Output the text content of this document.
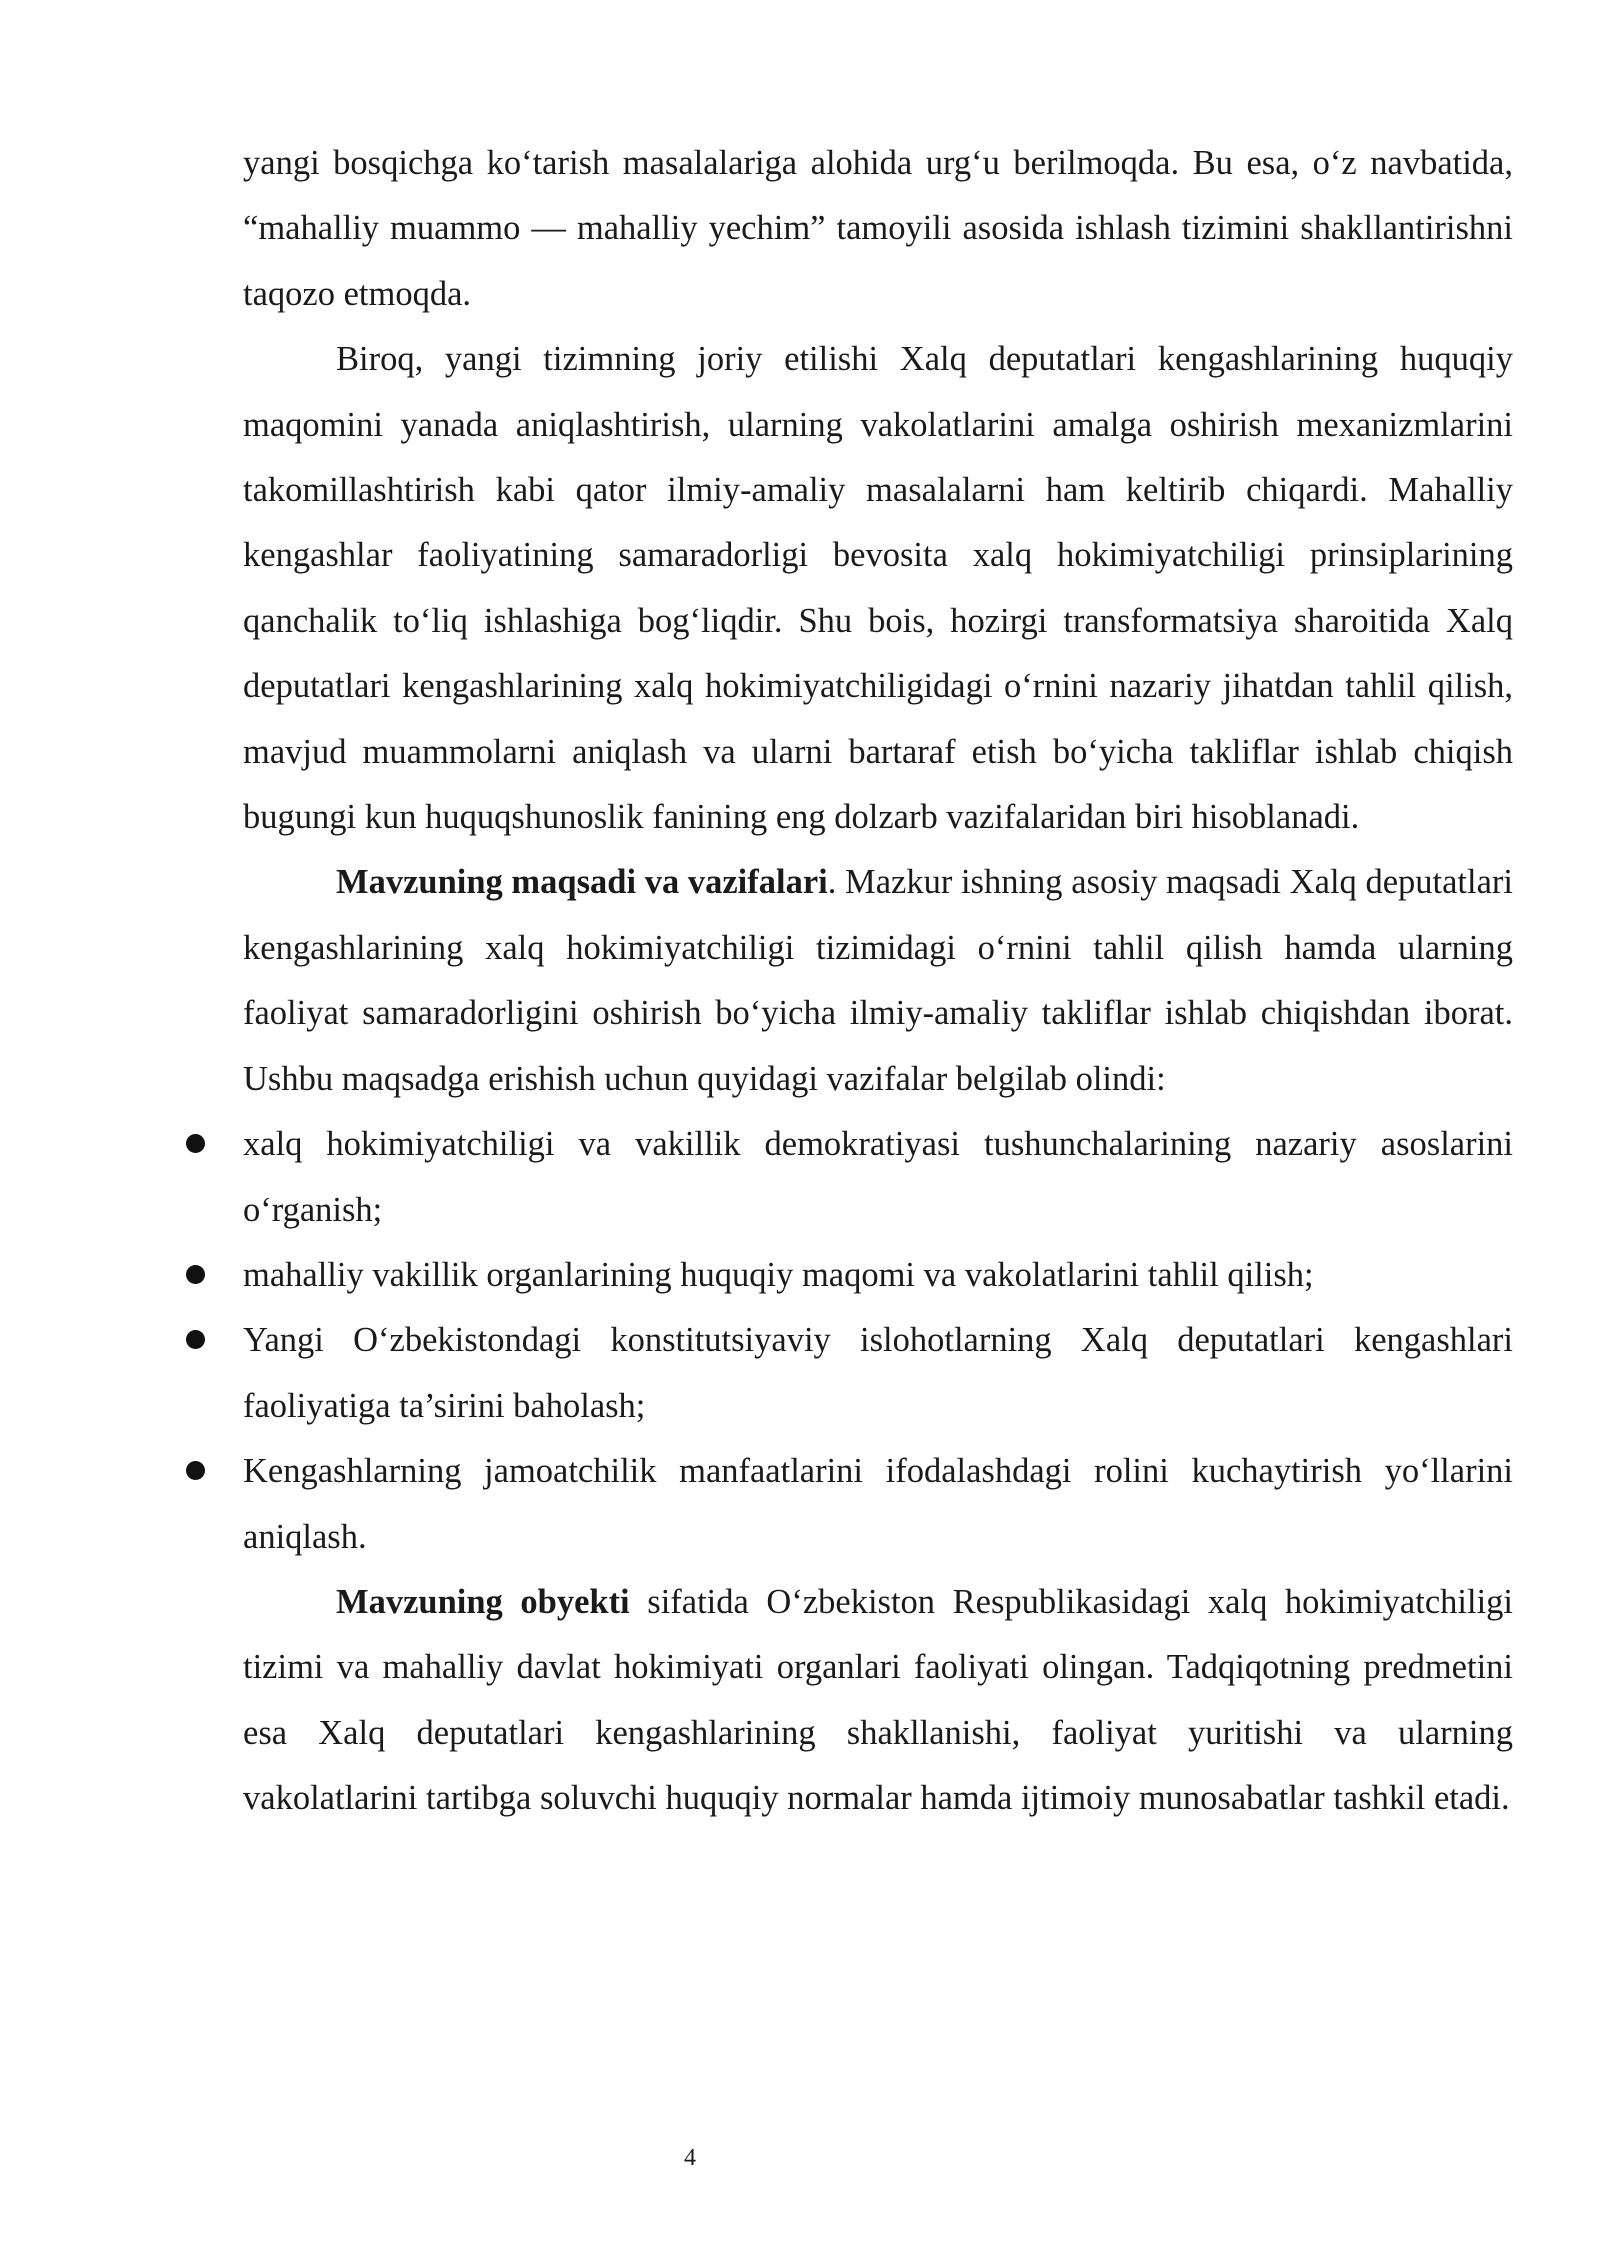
yangi bosqichga ko‘tarish masalalariga alohida urg‘u berilmoqda. Bu esa, o‘z navbatida, “mahalliy muammo — mahalliy yechim” tamoyili asosida ishlash tizimini shakllantirishni taqozo etmoqda.

Biroq, yangi tizimning joriy etilishi Xalq deputatlari kengashlarining huquqiy maqomini yanada aniqlashtirish, ularning vakolatlarini amalga oshirish mexanizmlarini takomillashtirish kabi qator ilmiy-amaliy masalalarni ham keltirib chiqardi. Mahalliy kengashlar faoliyatining samaradorligi bevosita xalq hokimiyatchiligi prinsiplarining qanchalik to‘liq ishlashiga bog‘liqdir. Shu bois, hozirgi transformatsiya sharoitida Xalq deputatlari kengashlarining xalq hokimiyatchiligidagi o‘rnini nazariy jihatdan tahlil qilish, mavjud muammolarni aniqlash va ularni bartaraf etish bo‘yicha takliflar ishlab chiqish bugungi kun huquqshunoslik fanining eng dolzarb vazifalaridan biri hisoblanadi.

Mavzuning maqsadi va vazifalari. Mazkur ishning asosiy maqsadi Xalq deputatlari kengashlarining xalq hokimiyatchiligi tizimidagi o‘rnini tahlil qilish hamda ularning faoliyat samaradorligini oshirish bo‘yicha ilmiy-amaliy takliflar ishlab chiqishdan iborat. Ushbu maqsadga erishish uchun quyidagi vazifalar belgilab olindi:

xalq hokimiyatchiligi va vakillik demokratiyasi tushunchalarining nazariy asoslarini o‘rganish;
mahalliy vakillik organlarining huquqiy maqomi va vakolatlarini tahlil qilish;
Yangi O‘zbekistondagi konstitutsiyaviy islohotlarning Xalq deputatlari kengashlari faoliyatiga ta’sirini baholash;
Kengashlarning jamoatchilik manfaatlarini ifodalashdagi rolini kuchaytirish yo‘llarini aniqlash.

Mavzuning obyekti sifatida O‘zbekiston Respublikasidagi xalq hokimiyatchiligi tizimi va mahalliy davlat hokimiyati organlari faoliyati olingan. Tadqiqotning predmetini esa Xalq deputatlari kengashlarining shakllanishi, faoliyat yuritishi va ularning vakolatlarini tartibga soluvchi huquqiy normalar hamda ijtimoiy munosabatlar tashkil etadi.

4
